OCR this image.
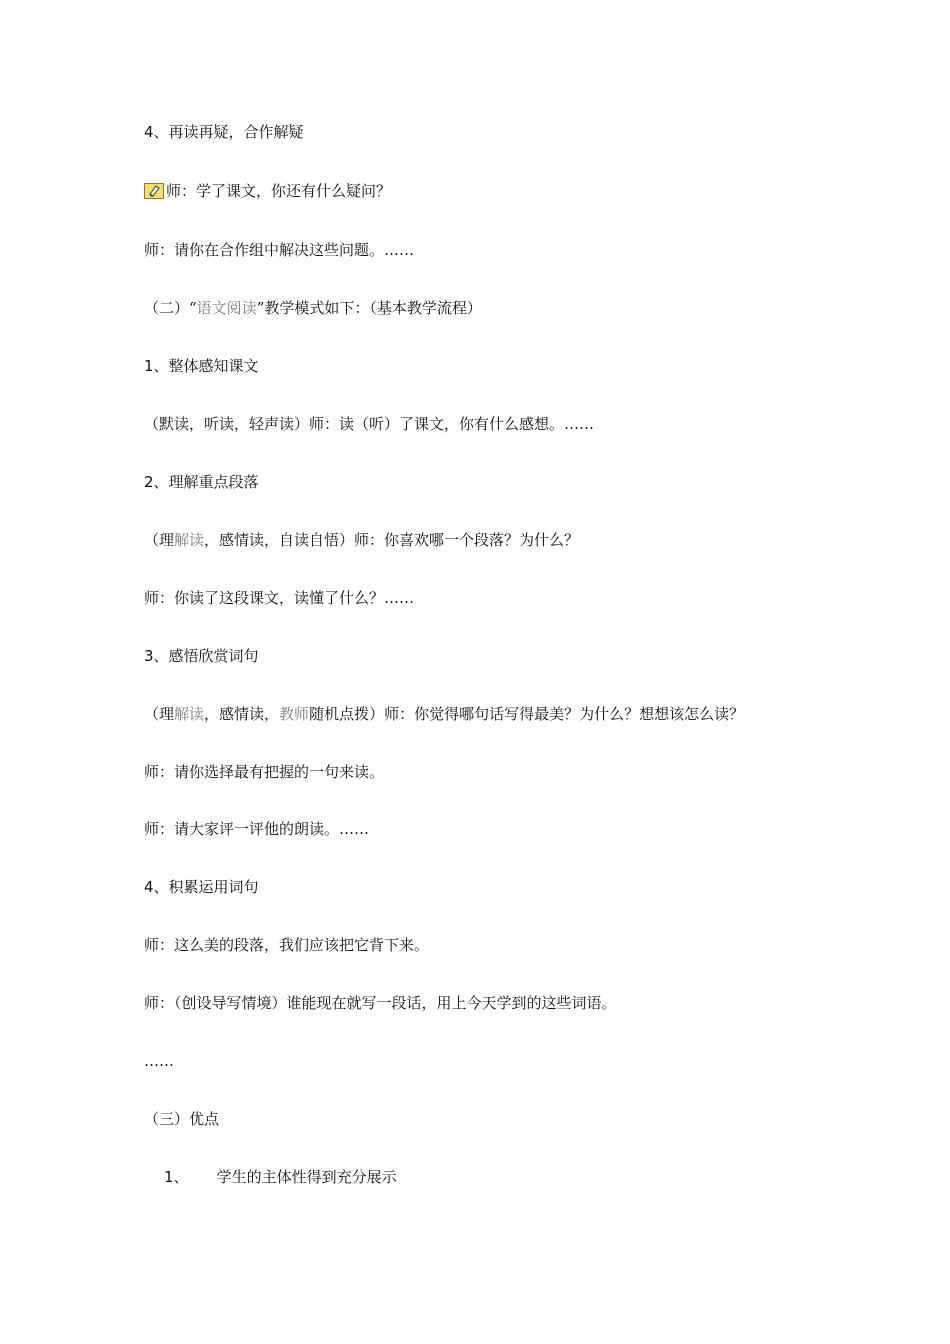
4、再读再疑，合作解疑
师：学了课文，你还有什么疑问？
师：请你在合作组中解决这些问题。……
（二）“语文阅读”教学模式如下：（基本教学流程）
1、整体感知课文
（默读，听读，轻声读）师：读（听）了课文，你有什么感想。……
2、理解重点段落
（理解读，感情读，自读自悟）师：你喜欢哪一个段落？为什么？
师：你读了这段课文，读懂了什么？……
3、感悟欣赏词句
（理解读，感情读，教师随机点拨）师：你觉得哪句话写得最美？为什么？想想该怎么读？
师：请你选择最有把握的一句来读。
师：请大家评一评他的朗读。……
4、积累运用词句
师：这么美的段落，我们应该把它背下来。
师：（创设导写情境）谁能现在就写一段话，用上今天学到的这些词语。
……
（三）优点
1、 学生的主体性得到充分展示
